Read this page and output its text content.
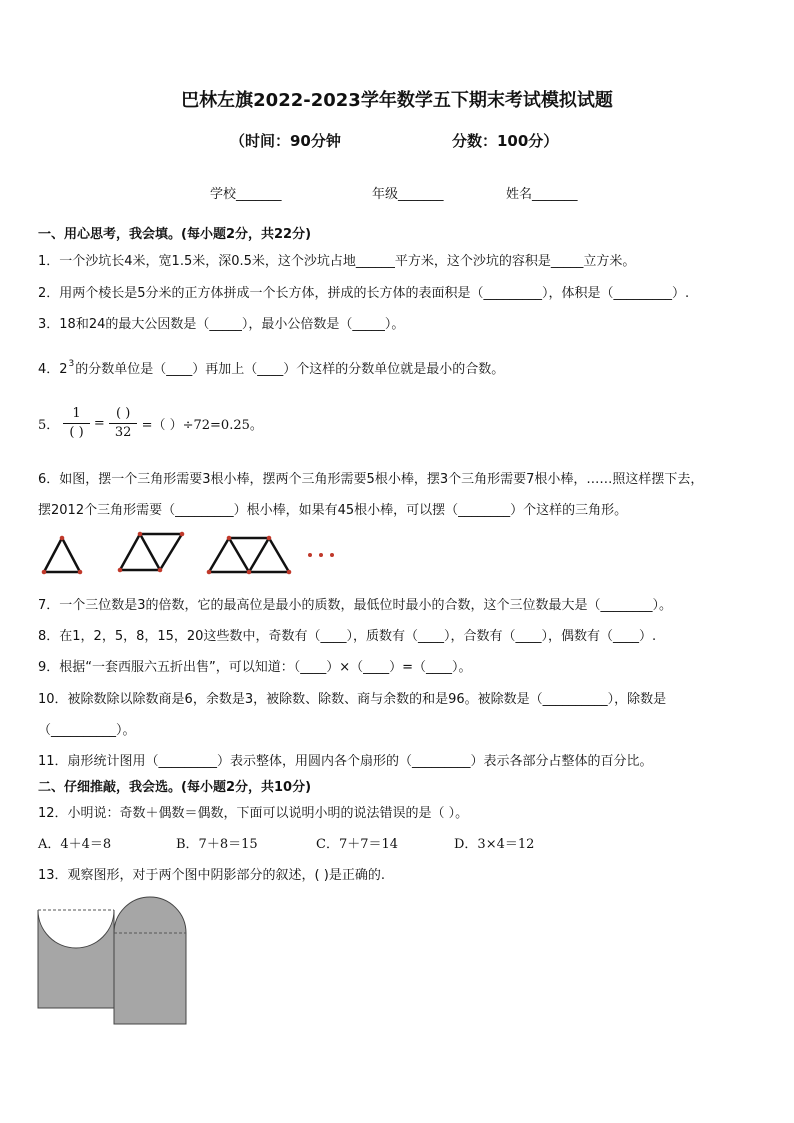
巴林左旗2022-2023学年数学五下期末考试模拟试题
（时间：90分钟	分数：100分）
学校_______	年级_______	姓名_______
一、用心思考，我会填。(每小题2分，共22分)
1．一个沙坑长4米，宽1.5米，深0.5米，这个沙坑占地______平方米，这个沙坑的容积是_____立方米。
2．用两个棱长是5分米的正方体拼成一个长方体，拼成的长方体的表面积是（_________），体积是（_________）.
3．18和24的最大公因数是（_____），最小公倍数是（_____）。
4．$2^3$的分数单位是（____）再加上（____）个这样的分数单位就是最小的合数。
5． $\frac{1}{( )} = \frac{( )}{32}$ =（ ）÷72=0.25。
6．如图，摆一个三角形需要3根小棒，摆两个三角形需要5根小棒，摆3个三角形需要7根小棒，……照这样摆下去，
摆2012个三角形需要（_________）根小棒，如果有45根小棒，可以摆（________）个这样的三角形。
7．一个三位数是3的倍数，它的最高位是最小的质数，最低位时最小的合数，这个三位数最大是（________）。
8．在1，2，5，8，15，20这些数中，奇数有（____），质数有（____），合数有（____），偶数有（____）.
9．根据“一套西服六五折出售”，可以知道：（____）×（____）=（____）。
10．被除数除以除数商是6，余数是3，被除数、除数、商与余数的和是96。被除数是（__________），除数是
（__________）。
11．扇形统计图用（_________）表示整体，用圆内各个扇形的（_________）表示各部分占整体的百分比。
二、仔细推敲，我会选。(每小题2分，共10分)
12．小明说：奇数＋偶数＝偶数，下面可以说明小明的说法错误的是（ ）。
A．4＋4＝8	B．7＋8＝15	C．7＋7＝14	D．3×4＝12
13．观察图形，对于两个图中阴影部分的叙述，( )是正确的.
